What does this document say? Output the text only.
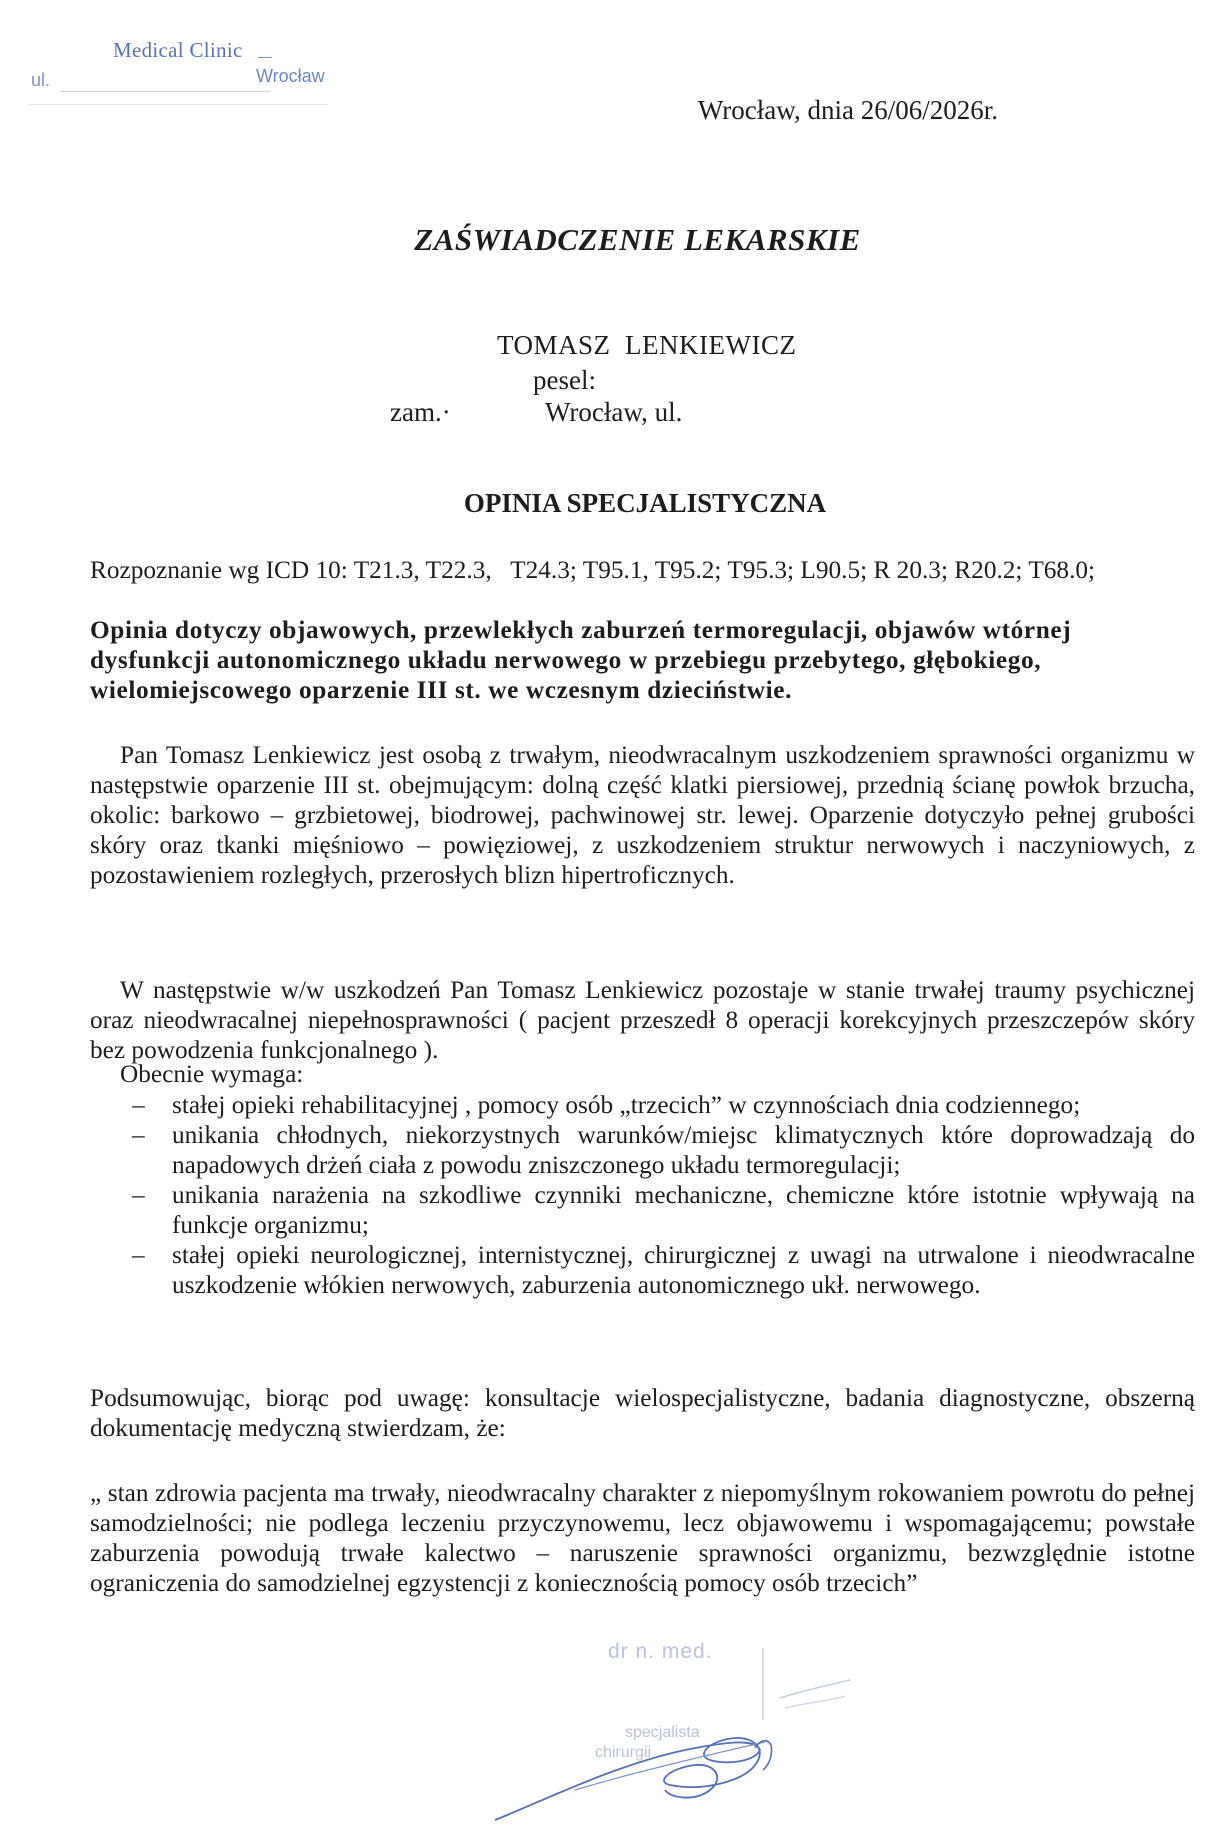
Medical Clinic
ul.	Wrocław
Wrocław, dnia 26/06/2026r.
ZAŚWIADCZENIE LEKARSKIE
TOMASZ  LENKIEWICZ
pesel:
zam.·	Wrocław, ul.
OPINIA SPECJALISTYCZNA
Rozpoznanie wg ICD 10: T21.3, T22.3,   T24.3; T95.1, T95.2; T95.3; L90.5; R 20.3; R20.2; T68.0;
Opinia dotyczy objawowych, przewlekłych zaburzeń termoregulacji, objawów wtórnej dysfunkcji autonomicznego układu nerwowego w przebiegu przebytego, głębokiego, wielomiejscowego oparzenie III st. we wczesnym dzieciństwie.
Pan Tomasz Lenkiewicz jest osobą z trwałym, nieodwracalnym uszkodzeniem sprawności organizmu w następstwie oparzenie III st. obejmującym: dolną część klatki piersiowej, przednią ścianę powłok brzucha, okolic: barkowo – grzbietowej, biodrowej, pachwinowej str. lewej. Oparzenie dotyczyło pełnej grubości skóry oraz tkanki mięśniowo – powięziowej, z uszkodzeniem struktur nerwowych i naczyniowych, z pozostawieniem rozległych, przerosłych blizn hipertroficznych.
W następstwie w/w uszkodzeń Pan Tomasz Lenkiewicz pozostaje w stanie trwałej traumy psychicznej oraz nieodwracalnej niepełnosprawności ( pacjent przeszedł 8 operacji korekcyjnych przeszczepów skóry bez powodzenia funkcjonalnego ).
Obecnie wymaga:
– stałej opieki rehabilitacyjnej , pomocy osób „trzecich” w czynnościach dnia codziennego;
– unikania chłodnych, niekorzystnych warunków/miejsc klimatycznych które doprowadzają do napadowych drżeń ciała z powodu zniszczonego układu termoregulacji;
– unikania narażenia na szkodliwe czynniki mechaniczne, chemiczne które istotnie wpływają na funkcje organizmu;
– stałej opieki neurologicznej, internistycznej, chirurgicznej z uwagi na utrwalone i nieodwracalne uszkodzenie włókien nerwowych, zaburzenia autonomicznego ukł. nerwowego.
Podsumowując, biorąc pod uwagę: konsultacje wielospecjalistyczne, badania diagnostyczne, obszerną dokumentację medyczną stwierdzam, że:
„ stan zdrowia pacjenta ma trwały, nieodwracalny charakter z niepomyślnym rokowaniem powrotu do pełnej samodzielności; nie podlega leczeniu przyczynowemu, lecz objawowemu i wspomagającemu; powstałe zaburzenia powodują trwałe kalectwo – naruszenie sprawności organizmu, bezwzględnie istotne ograniczenia do samodzielnej egzystencji z koniecznością pomocy osób trzecich”
dr n. med.
specjalista
chirurgii
